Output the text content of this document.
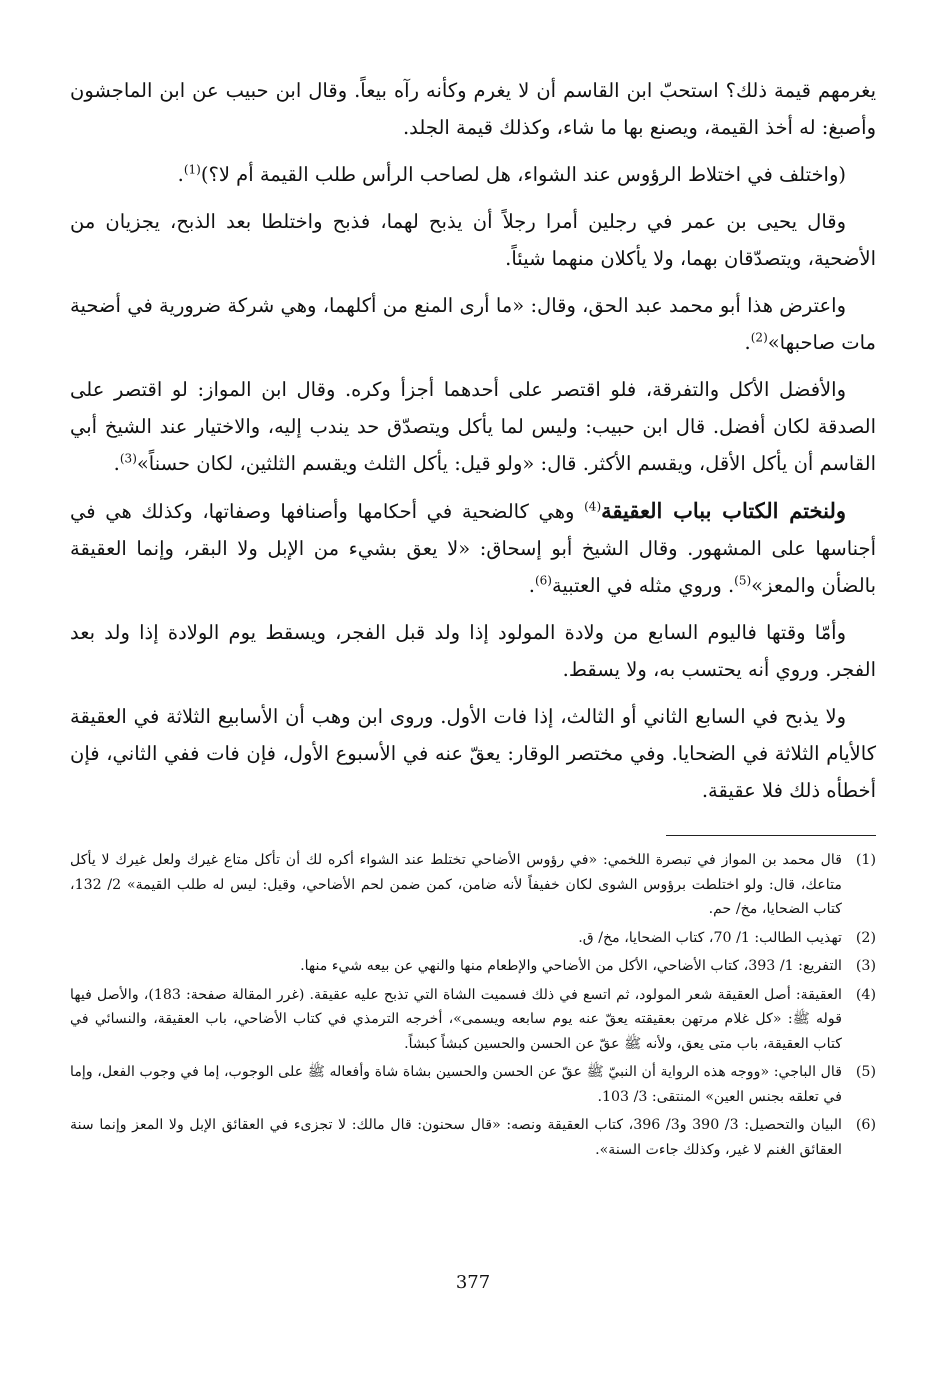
يغرمهم قيمة ذلك؟ استحبّ ابن القاسم أن لا يغرم وكأنه رآه بيعاً. وقال ابن حبيب عن ابن الماجشون وأصبغ: له أخذ القيمة، ويصنع بها ما شاء، وكذلك قيمة الجلد.

(واختلف في اختلاط الرؤوس عند الشواء، هل لصاحب الرأس طلب القيمة أم لا؟)$^{(1)}$.

وقال يحيى بن عمر في رجلين أمرا رجلاً أن يذبح لهما، فذبح واختلطا بعد الذبح، يجزيان من الأضحية، ويتصدّقان بهما، ولا يأكلان منهما شيئاً.

واعترض هذا أبو محمد عبد الحق، وقال: «ما أرى المنع من أكلهما، وهي شركة ضرورية في أضحية مات صاحبها»$^{(2)}$.

والأفضل الأكل والتفرقة، فلو اقتصر على أحدهما أجزأ وكره. وقال ابن المواز: لو اقتصر على الصدقة لكان أفضل. قال ابن حبيب: وليس لما يأكل ويتصدّق حد يندب إليه، والاختيار عند الشيخ أبي القاسم أن يأكل الأقل، ويقسم الأكثر. قال: «ولو قيل: يأكل الثلث ويقسم الثلثين، لكان حسناً»$^{(3)}$.

ولنختم الكتاب بباب العقيقة$^{(4)}$ وهي كالضحية في أحكامها وأصنافها وصفاتها، وكذلك هي في أجناسها على المشهور. وقال الشيخ أبو إسحاق: «لا يعق بشيء من الإبل ولا البقر، وإنما العقيقة بالضأن والمعز»$^{(5)}$. وروي مثله في العتبية$^{(6)}$.

وأمّا وقتها فاليوم السابع من ولادة المولود إذا ولد قبل الفجر، ويسقط يوم الولادة إذا ولد بعد الفجر. وروي أنه يحتسب به، ولا يسقط.

ولا يذبح في السابع الثاني أو الثالث، إذا فات الأول. وروى ابن وهب أن الأسابيع الثلاثة في العقيقة كالأيام الثلاثة في الضحايا. وفي مختصر الوقار: يعقّ عنه في الأسبوع الأول، فإن فات ففي الثاني، فإن أخطأه ذلك فلا عقيقة.

(1)
قال محمد بن المواز في تبصرة اللخمي: «في رؤوس الأضاحي تختلط عند الشواء أكره لك أن تأكل متاع غيرك ولعل غيرك لا يأكل متاعك، قال: ولو اختلطت برؤوس الشوى لكان خفيفاً لأنه ضامن، كمن ضمن لحم الأضاحي، وقيل: ليس له طلب القيمة» 2/ 132، كتاب الضحايا، مخ/ حم.
(2)
تهذيب الطالب: 1/ 70، كتاب الضحايا، مخ/ ق.
(3)
التفريع: 1/ 393، كتاب الأضاحي، الأكل من الأضاحي والإطعام منها والنهي عن بيعه شيء منها.
(4)
العقيقة: أصل العقيقة شعر المولود، ثم اتسع في ذلك فسميت الشاة التي تذبح عليه عقيقة. (غرر المقالة صفحة: 183)، والأصل فيها قوله ﷺ: «كل غلام مرتهن بعقيقته يعقّ عنه يوم سابعه ويسمى»، أخرجه الترمذي في كتاب الأضاحي، باب العقيقة، والنسائي في كتاب العقيقة، باب متى يعق، ولأنه ﷺ عقّ عن الحسن والحسين كبشاً كبشاً.
(5)
قال الباجي: «ووجه هذه الرواية أن النبيّ ﷺ عقّ عن الحسن والحسين بشاة شاة وأفعاله ﷺ على الوجوب، إما في وجوب الفعل، وإما في تعلقه بجنس العين» المنتقى: 3/ 103.
(6)
البيان والتحصيل: 3/ 390 و3/ 396، كتاب العقيقة ونصه: «قال سحنون: قال مالك: لا تجزىء في العقائق الإبل ولا المعز وإنما سنة العقائق الغنم لا غير، وكذلك جاءت السنة».
377
